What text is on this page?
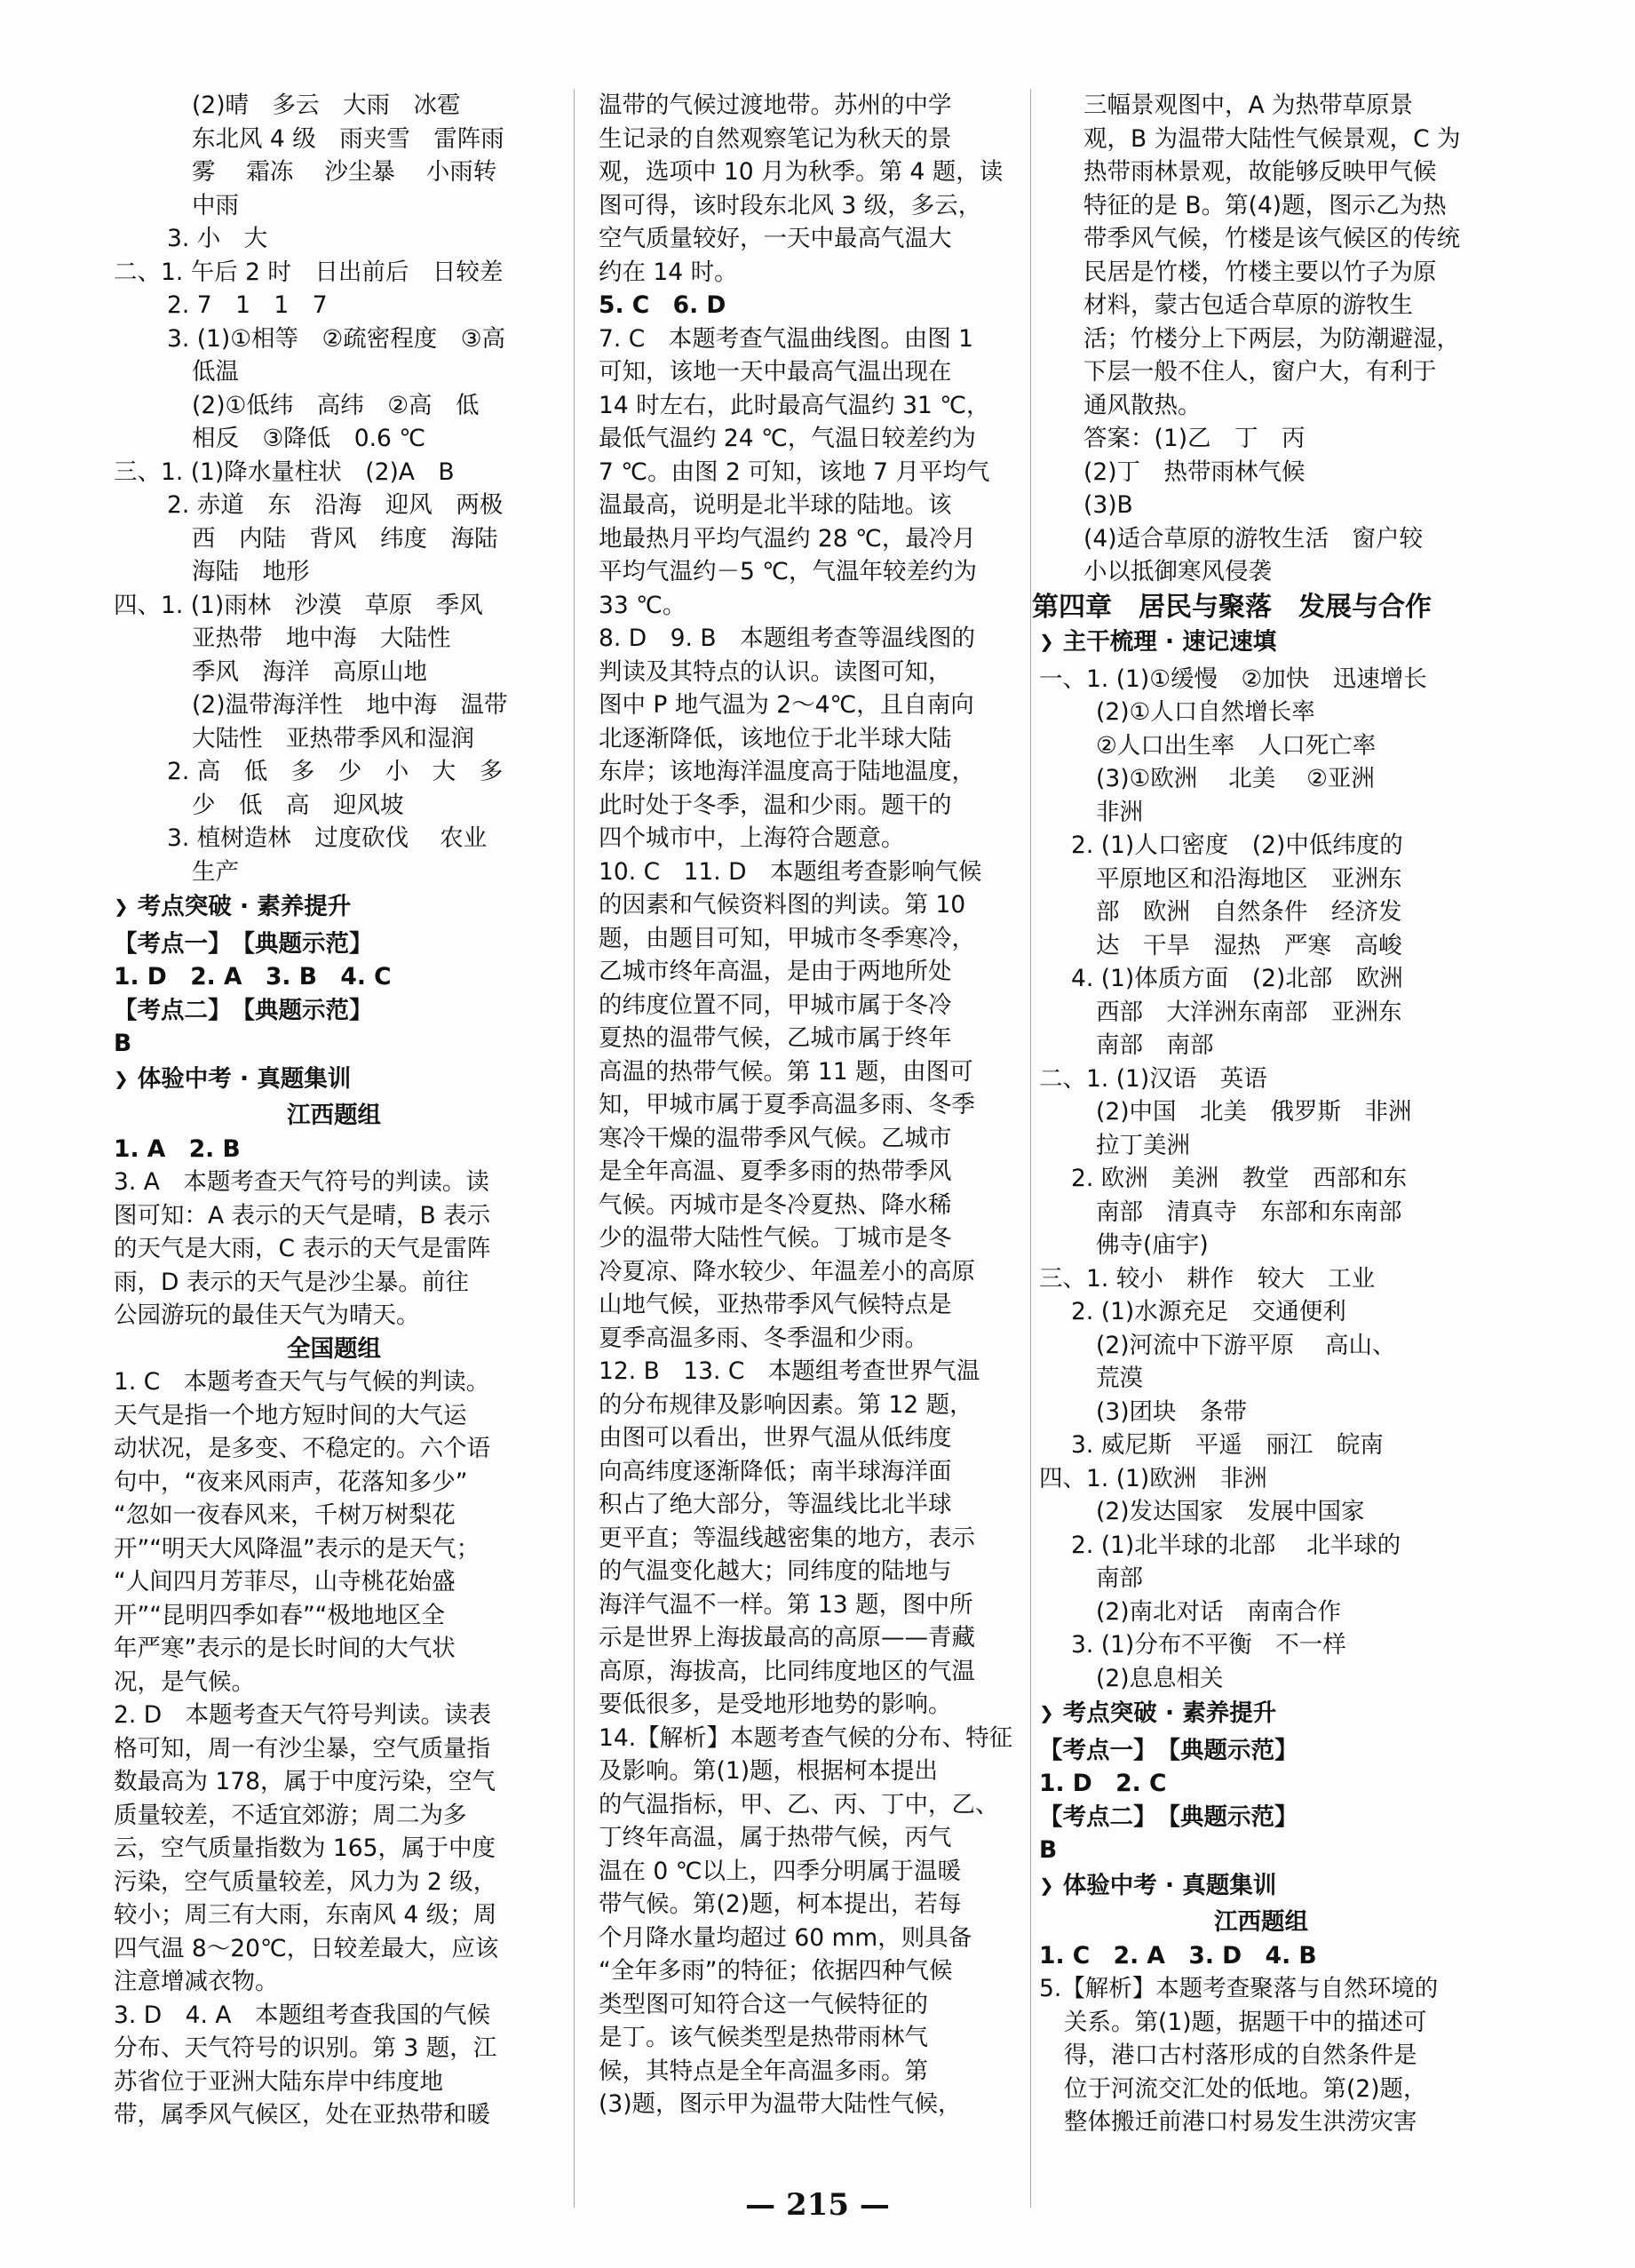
(2)晴　多云　大雨　冰雹
东北风 4 级　雨夹雪　雷阵雨
雾　 霜冻　 沙尘暴　 小雨转
中雨
3. 小　大
二、1. 午后 2 时　日出前后　日较差
2. 7　1　1　7
3. (1)①相等　②疏密程度　③高
低温
(2)①低纬　高纬　②高　低
相反　③降低　0.6 ℃
三、1. (1)降水量柱状　(2)A　B
2. 赤道　东　沿海　迎风　两极
西　内陆　背风　纬度　海陆
海陆　地形
四、1. (1)雨林　沙漠　草原　季风
亚热带　地中海　大陆性
季风　海洋　高原山地
(2)温带海洋性　地中海　温带
大陆性　亚热带季风和湿润
2. 高　低　多　少　小　大　多
少　低　高　迎风坡
3. 植树造林　过度砍伐　 农业
生产
❯ 考点突破 · 素养提升
【考点一】　【典题示范】
1. D　2. A　3. B　4. C
【考点二】　【典题示范】
B
❯ 体验中考 · 真题集训
江西题组
1. A　2. B
3. A　本题考查天气符号的判读。读
图可知：A 表示的天气是晴，B 表示
的天气是大雨，C 表示的天气是雷阵
雨，D 表示的天气是沙尘暴。前往
公园游玩的最佳天气为晴天。
全国题组
1. C　本题考查天气与气候的判读。
天气是指一个地方短时间的大气运
动状况，是多变、不稳定的。六个语
句中，“夜来风雨声，花落知多少”
“忽如一夜春风来，千树万树梨花
开”“明天大风降温”表示的是天气；
“人间四月芳菲尽，山寺桃花始盛
开”“昆明四季如春”“极地地区全
年严寒”表示的是长时间的大气状
况，是气候。
2. D　本题考查天气符号判读。读表
格可知，周一有沙尘暴，空气质量指
数最高为 178，属于中度污染，空气
质量较差，不适宜郊游；周二为多
云，空气质量指数为 165，属于中度
污染，空气质量较差，风力为 2 级，
较小；周三有大雨，东南风 4 级；周
四气温 8～20℃，日较差最大，应该
注意增减衣物。
3. D　4. A　本题组考查我国的气候
分布、天气符号的识别。第 3 题，江
苏省位于亚洲大陆东岸中纬度地
带，属季风气候区，处在亚热带和暖
温带的气候过渡地带。苏州的中学
生记录的自然观察笔记为秋天的景
观，选项中 10 月为秋季。第 4 题，读
图可得，该时段东北风 3 级，多云，
空气质量较好，一天中最高气温大
约在 14 时。
5. C　6. D
7. C　本题考查气温曲线图。由图 1
可知，该地一天中最高气温出现在
14 时左右，此时最高气温约 31 ℃，
最低气温约 24 ℃，气温日较差约为
7 ℃。由图 2 可知，该地 7 月平均气
温最高，说明是北半球的陆地。该
地最热月平均气温约 28 ℃，最冷月
平均气温约－5 ℃，气温年较差约为
33 ℃。
8. D　9. B　本题组考查等温线图的
判读及其特点的认识。读图可知，
图中 P 地气温为 2～4℃，且自南向
北逐渐降低，该地位于北半球大陆
东岸；该地海洋温度高于陆地温度，
此时处于冬季，温和少雨。题干的
四个城市中，上海符合题意。
10. C　11. D　本题组考查影响气候
的因素和气候资料图的判读。第 10
题，由题目可知，甲城市冬季寒冷，
乙城市终年高温，是由于两地所处
的纬度位置不同，甲城市属于冬冷
夏热的温带气候，乙城市属于终年
高温的热带气候。第 11 题，由图可
知，甲城市属于夏季高温多雨、冬季
寒冷干燥的温带季风气候。乙城市
是全年高温、夏季多雨的热带季风
气候。丙城市是冬冷夏热、降水稀
少的温带大陆性气候。丁城市是冬
冷夏凉、降水较少、年温差小的高原
山地气候，亚热带季风气候特点是
夏季高温多雨、冬季温和少雨。
12. B　13. C　本题组考查世界气温
的分布规律及影响因素。第 12 题，
由图可以看出，世界气温从低纬度
向高纬度逐渐降低；南半球海洋面
积占了绝大部分，等温线比北半球
更平直；等温线越密集的地方，表示
的气温变化越大；同纬度的陆地与
海洋气温不一样。第 13 题，图中所
示是世界上海拔最高的高原——青藏
高原，海拔高，比同纬度地区的气温
要低很多，是受地形地势的影响。
14.【解析】本题考查气候的分布、特征
及影响。第(1)题，根据柯本提出
的气温指标，甲、乙、丙、丁中，乙、
丁终年高温，属于热带气候，丙气
温在 0 ℃以上，四季分明属于温暖
带气候。第(2)题，柯本提出，若每
个月降水量均超过 60 mm，则具备
“全年多雨”的特征；依据四种气候
类型图可知符合这一气候特征的
是丁。该气候类型是热带雨林气
候，其特点是全年高温多雨。第
(3)题，图示甲为温带大陆性气候，
三幅景观图中，A 为热带草原景
观，B 为温带大陆性气候景观，C 为
热带雨林景观，故能够反映甲气候
特征的是 B。第(4)题，图示乙为热
带季风气候，竹楼是该气候区的传统
民居是竹楼，竹楼主要以竹子为原
材料，蒙古包适合草原的游牧生
活；竹楼分上下两层，为防潮避湿，
下层一般不住人，窗户大，有利于
通风散热。
答案：(1)乙　丁　丙
(2)丁　热带雨林气候
(3)B
(4)适合草原的游牧生活　窗户较
小以抵御寒风侵袭
第四章　居民与聚落　发展与合作
❯ 主干梳理 · 速记速填
一、1. (1)①缓慢　②加快　迅速增长
(2)①人口自然增长率
②人口出生率　人口死亡率
(3)①欧洲　 北美　 ②亚洲
非洲
2. (1)人口密度　(2)中低纬度的
平原地区和沿海地区　亚洲东
部　欧洲　自然条件　经济发
达　干旱　湿热　严寒　高峻
4. (1)体质方面　(2)北部　欧洲
西部　大洋洲东南部　亚洲东
南部　南部
二、1. (1)汉语　英语
(2)中国　北美　俄罗斯　非洲
拉丁美洲
2. 欧洲　美洲　教堂　西部和东
南部　清真寺　东部和东南部
佛寺(庙宇)
三、1. 较小　耕作　较大　工业
2. (1)水源充足　交通便利
(2)河流中下游平原　 高山、
荒漠
(3)团块　条带
3. 威尼斯　平遥　丽江　皖南
四、1. (1)欧洲　非洲
(2)发达国家　发展中国家
2. (1)北半球的北部　 北半球的
南部
(2)南北对话　南南合作
3. (1)分布不平衡　不一样
(2)息息相关
❯ 考点突破 · 素养提升
【考点一】　【典题示范】
1. D　2. C
【考点二】　【典题示范】
B
❯ 体验中考 · 真题集训
江西题组
1. C　2. A　3. D　4. B
5.【解析】本题考查聚落与自然环境的
关系。第(1)题，据题干中的描述可
得，港口古村落形成的自然条件是
位于河流交汇处的低地。第(2)题，
整体搬迁前港口村易发生洪涝灾害
— 215 —
